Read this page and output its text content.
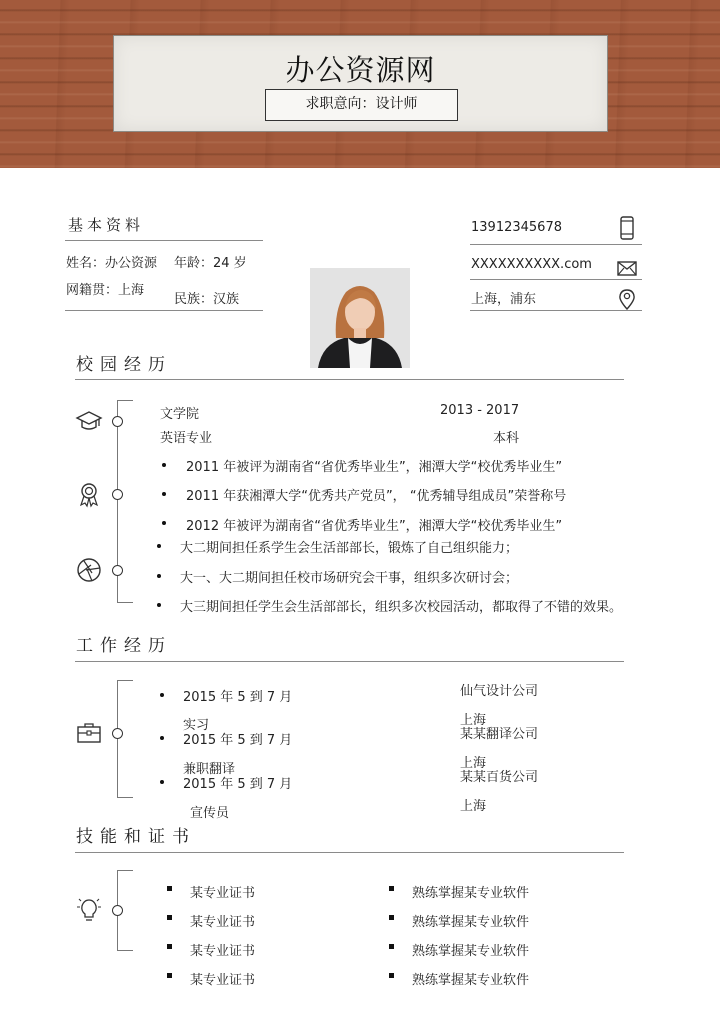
办公资源网
求职意向：设计师
基本资料
姓名：办公资源 年龄：24 岁
网籍贯：上海
民族：汉族
13912345678
XXXXXXXXXX.com
上海，浦东
校园经历
文学院	2013 - 2017
英语专业	本科
2011 年被评为湖南省“省优秀毕业生”，湘潭大学“校优秀毕业生”
2011 年获湘潭大学“优秀共产党员”， “优秀辅导组成员”荣誉称号
2012 年被评为湖南省“省优秀毕业生”，湘潭大学“校优秀毕业生”
大二期间担任系学生会生活部部长，锻炼了自己组织能力；
大一、大二期间担任校市场研究会干事，组织多次研讨会；
大三期间担任学生会生活部部长，组织多次校园活动，都取得了不错的效果。
工作经历
2015 年 5 到 7 月
实习
仙气设计公司
上海
2015 年 5 到 7 月
兼职翻译
某某翻译公司
上海
2015 年 5 到 7 月
宣传员
某某百货公司
上海
技能和证书
某专业证书
某专业证书
某专业证书
某专业证书
熟练掌握某专业软件
熟练掌握某专业软件
熟练掌握某专业软件
熟练掌握某专业软件
